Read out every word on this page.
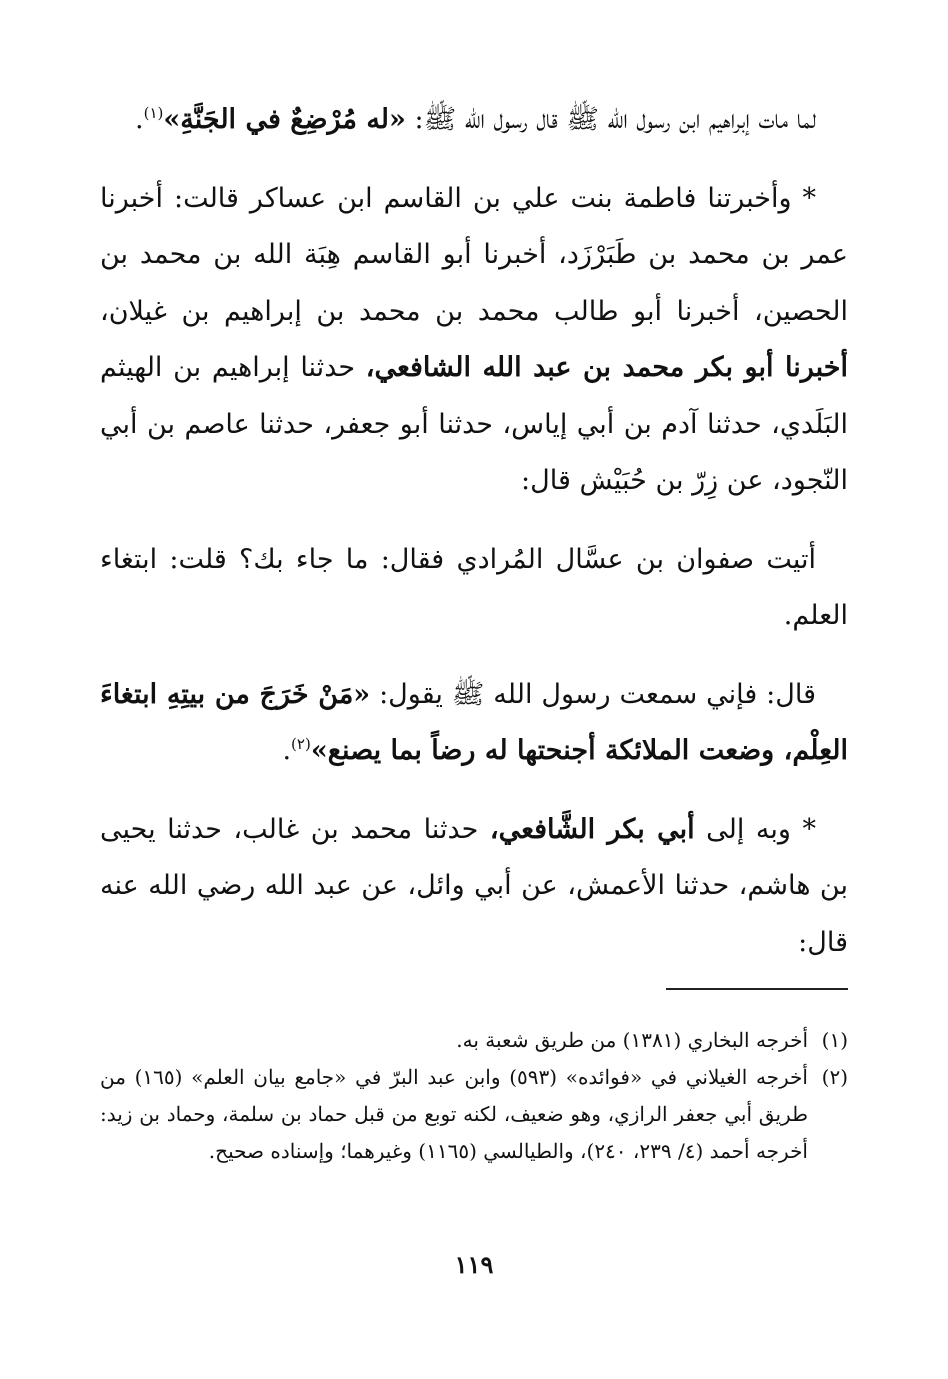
لما مات إبراهيم ابن رسول الله ﷺ قال رسول الله ﷺ: «له مُرْضِعٌ في الجَنَّةِ»$^{(١)}$.

* وأخبرتنا فاطمة بنت علي بن القاسم ابن عساكر قالت: أخبرنا عمر بن محمد بن طَبَرْزَد، أخبرنا أبو القاسم هِبَة الله بن محمد بن الحصين، أخبرنا أبو طالب محمد بن محمد بن إبراهيم بن غيلان، أخبرنا أبو بكر محمد بن عبد الله الشافعي، حدثنا إبراهيم بن الهيثم البَلَدي، حدثنا آدم بن أبي إياس، حدثنا أبو جعفر، حدثنا عاصم بن أبي النّجود، عن زِرّ بن حُبَيْش قال:

أتيت صفوان بن عسَّال المُرادي فقال: ما جاء بك؟ قلت: ابتغاء العلم.

قال: فإني سمعت رسول الله ﷺ يقول: «مَنْ خَرَجَ من بيتِهِ ابتغاءَ العِلْم، وضعت الملائكة أجنحتها له رضاً بما يصنع»$^{(٢)}$.

* وبه إلى أبي بكر الشَّافعي، حدثنا محمد بن غالب، حدثنا يحيى بن هاشم، حدثنا الأعمش، عن أبي وائل، عن عبد الله رضي الله عنه قال:

(١)
أخرجه البخاري (١٣٨١) من طريق شعبة به.
(٢)
أخرجه الغيلاني في «فوائده» (٥٩٣) وابن عبد البرّ في «جامع بيان العلم» (١٦٥) من طريق أبي جعفر الرازي، وهو ضعيف، لكنه توبع من قبل حماد بن سلمة، وحماد بن زيد: أخرجه أحمد (٤/ ٢٣٩، ٢٤٠)، والطيالسي (١١٦٥) وغيرهما؛ وإسناده صحيح.
١١٩
